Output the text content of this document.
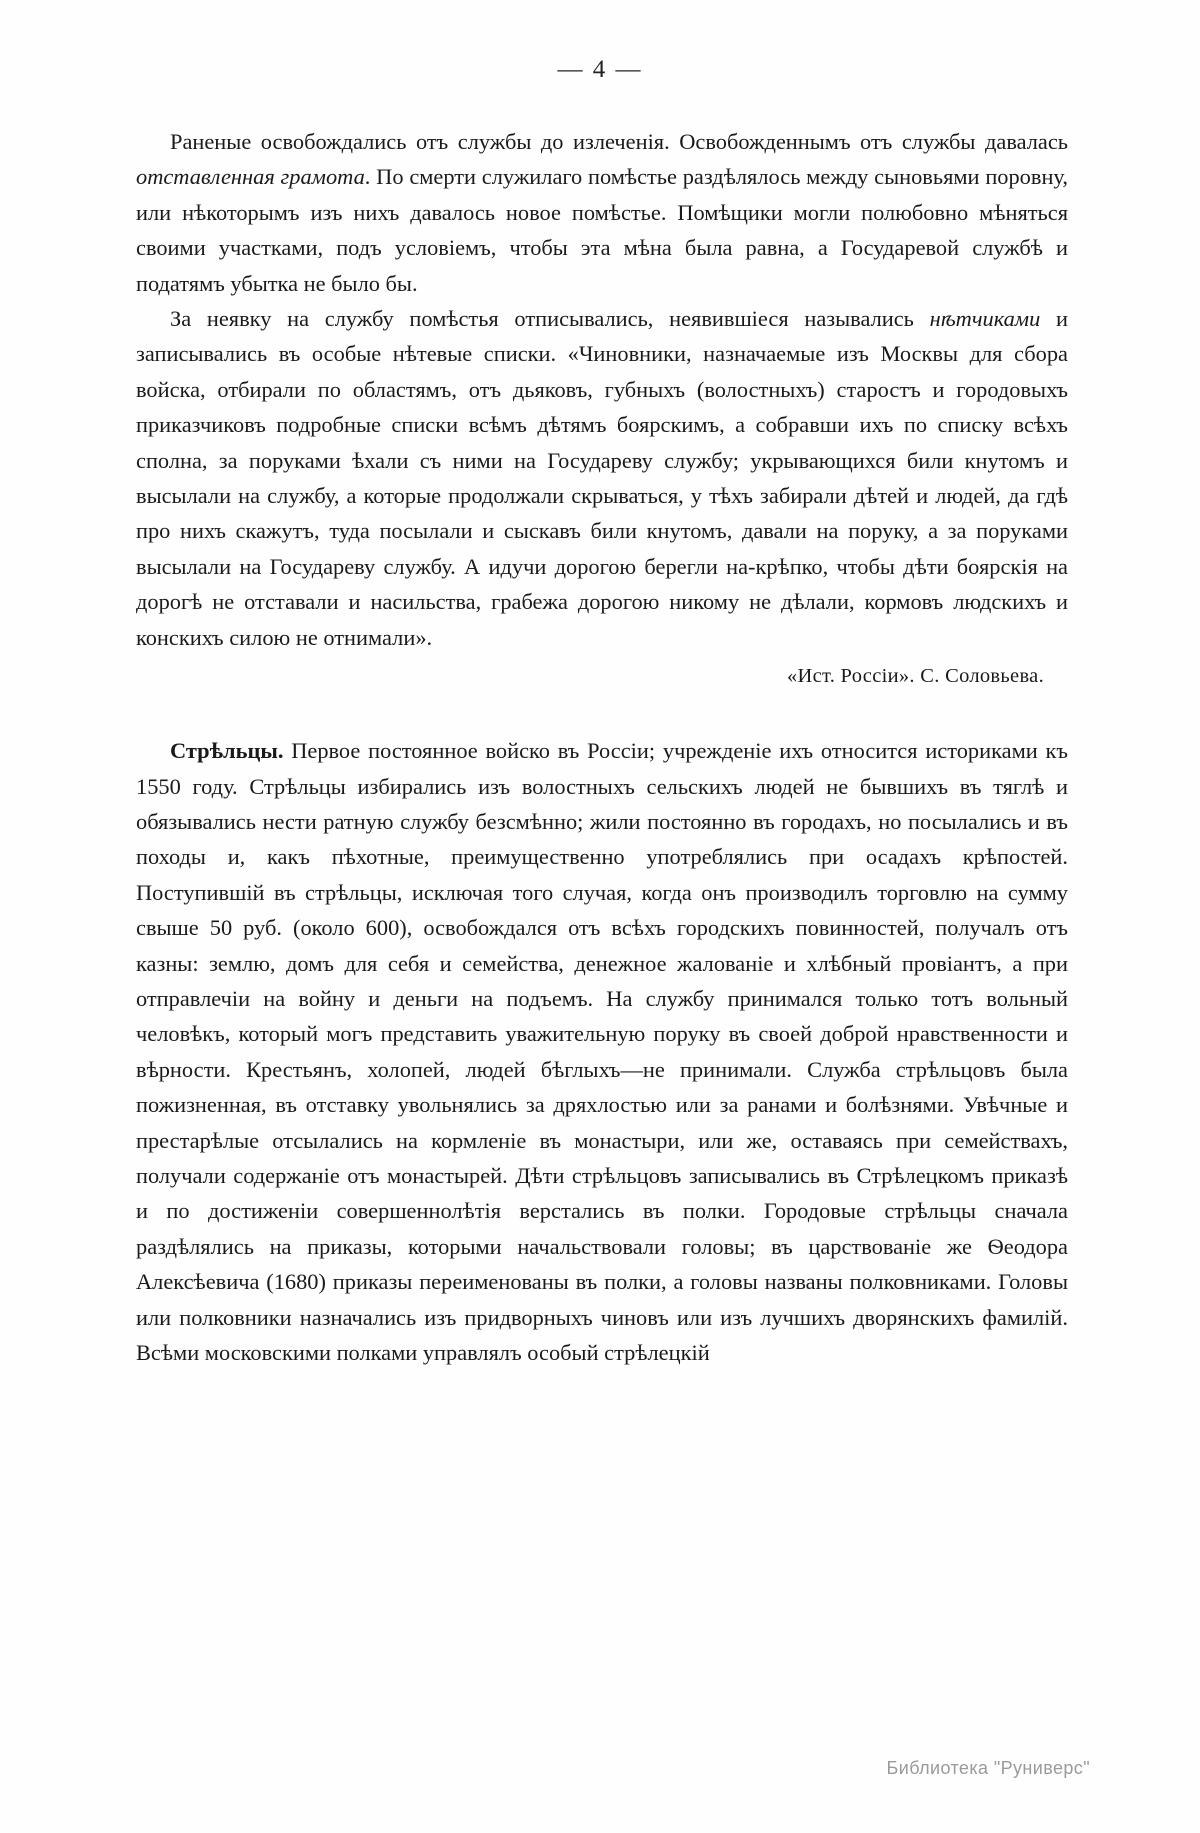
— 4 —

Раненые освобождались отъ службы до излеченія. Освобожденнымъ отъ службы давалась отставленная грамота. По смерти служилаго помѣстье раздѣлялось между сыновьями поровну, или нѣкоторымъ изъ нихъ давалось новое помѣстье. Помѣщики могли полюбовно мѣняться своими участками, подъ условіемъ, чтобы эта мѣна была равна, а Государевой службѣ и податямъ убытка не было бы.

За неявку на службу помѣстья отписывались, неявившіеся назывались нѣтчиками и записывались въ особые нѣтевые списки. «Чиновники, назначаемые изъ Москвы для сбора войска, отбирали по областямъ, отъ дьяковъ, губныхъ (волостныхъ) старостъ и городовыхъ приказчиковъ подробные списки всѣмъ дѣтямъ боярскимъ, а собравши ихъ по списку всѣхъ сполна, за поруками ѣхали съ ними на Государеву службу; укрывающихся били кнутомъ и высылали на службу, а которые продолжали скрываться, у тѣхъ забирали дѣтей и людей, да гдѣ про нихъ скажутъ, туда посылали и сыскавъ били кнутомъ, давали на поруку, а за поруками высылали на Государеву службу. А идучи дорогою берегли на-крѣпко, чтобы дѣти боярскія на дорогѣ не отставали и насильства, грабежа дорогою никому не дѣлали, кормовъ людскихъ и конскихъ силою не отнимали».

«Ист. Россіи». С. Соловьева.

Стрѣльцы. Первое постоянное войско въ Россіи; учрежденіе ихъ относится историками къ 1550 году. Стрѣльцы избирались изъ волостныхъ сельскихъ людей не бывшихъ въ тяглѣ и обязывались нести ратную службу безсмѣнно; жили постоянно въ городахъ, но посылались и въ походы и, какъ пѣхотные, преимущественно употреблялись при осадахъ крѣпостей. Поступившій въ стрѣльцы, исключая того случая, когда онъ производилъ торговлю на сумму свыше 50 руб. (около 600), освобождался отъ всѣхъ городскихъ повинностей, получалъ отъ казны: землю, домъ для себя и семейства, денежное жалованіе и хлѣбный провіантъ, а при отправлечіи на войну и деньги на подъемъ. На службу принимался только тотъ вольный человѣкъ, который могъ представить уважительную поруку въ своей доброй нравственности и вѣрности. Крестьянъ, холопей, людей бѣглыхъ—не принимали. Служба стрѣльцовъ была пожизненная, въ отставку увольнялись за дряхлостью или за ранами и болѣзнями. Увѣчные и престарѣлые отсылались на кормленіе въ монастыри, или же, оставаясь при семействахъ, получали содержаніе отъ монастырей. Дѣти стрѣльцовъ записывались въ Стрѣлецкомъ приказѣ и по достиженіи совершеннолѣтія верстались въ полки. Городовые стрѣльцы сначала раздѣлялись на приказы, которыми начальствовали головы; въ царствованіе же Ѳеодора Алексѣевича (1680) приказы переименованы въ полки, а головы названы полковниками. Головы или полковники назначались изъ придворныхъ чиновъ или изъ лучшихъ дворянскихъ фамилій. Всѣми московскими полками управлялъ особый стрѣлецкій

Библиотека "Руниверс"
